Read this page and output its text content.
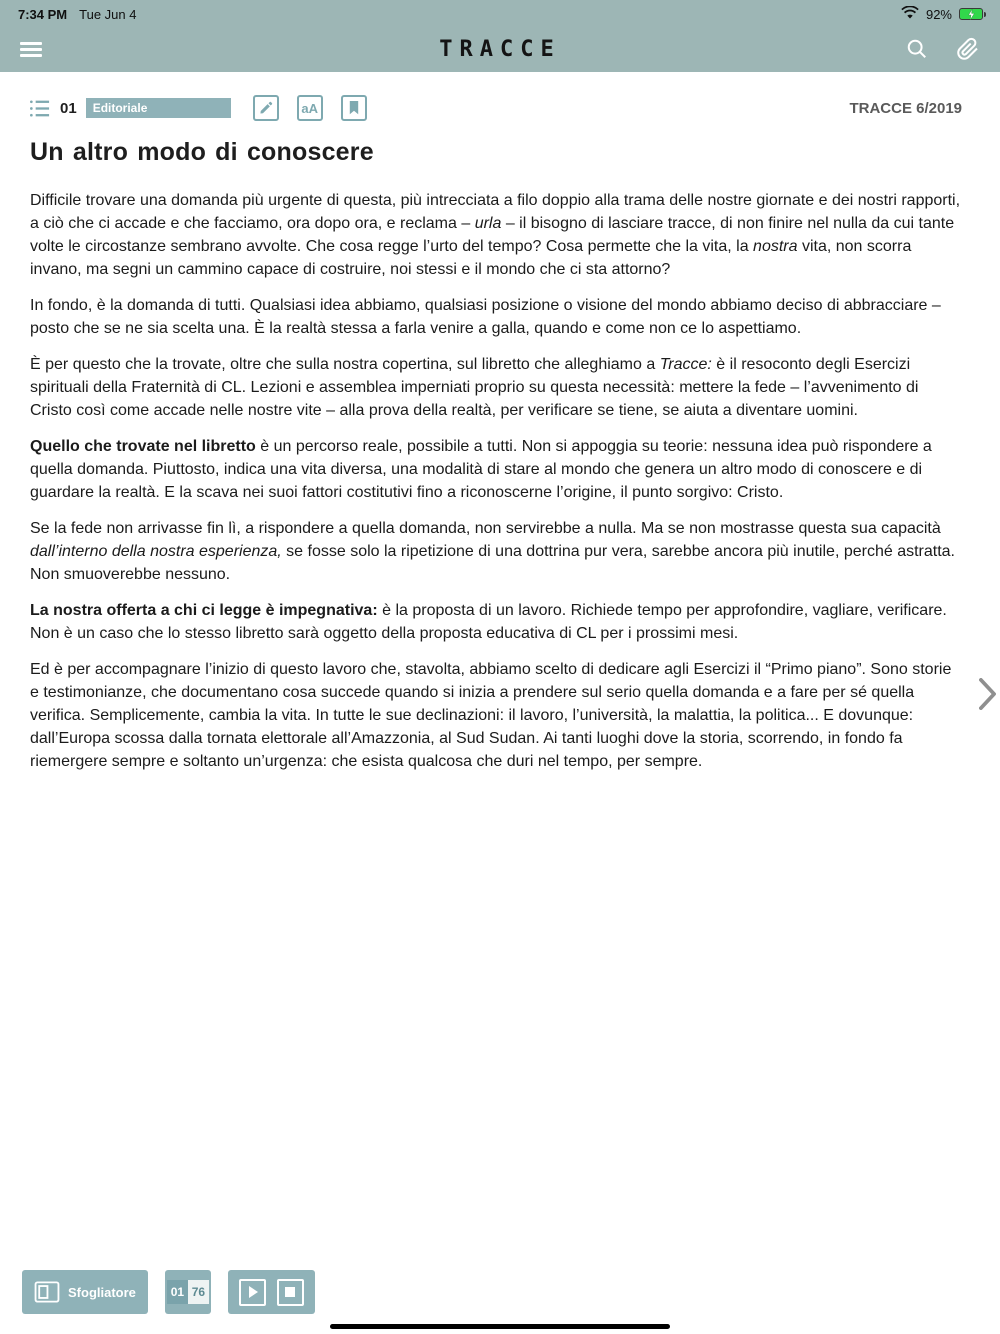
7:34 PM Tue Jun 4	92%
TRACCE
01	Editoriale	aA	TRACCE 6/2019
Un altro modo di conoscere

Difficile trovare una domanda più urgente di questa, più intrecciata a filo doppio alla trama delle nostre giornate e dei nostri rapporti, a ciò che ci accade e che facciamo, ora dopo ora, e reclama – urla – il bisogno di lasciare tracce, di non finire nel nulla da cui tante volte le circostanze sembrano avvolte. Che cosa regge l’urto del tempo? Cosa permette che la vita, la nostra vita, non scorra invano, ma segni un cammino capace di costruire, noi stessi e il mondo che ci sta attorno?

In fondo, è la domanda di tutti. Qualsiasi idea abbiamo, qualsiasi posizione o visione del mondo abbiamo deciso di abbracciare – posto che se ne sia scelta una. È la realtà stessa a farla venire a galla, quando e come non ce lo aspettiamo.

È per questo che la trovate, oltre che sulla nostra copertina, sul libretto che alleghiamo a Tracce: è il resoconto degli Esercizi spirituali della Fraternità di CL. Lezioni e assemblea imperniati proprio su questa necessità: mettere la fede – l’avvenimento di Cristo così come accade nelle nostre vite – alla prova della realtà, per verificare se tiene, se aiuta a diventare uomini.

Quello che trovate nel libretto è un percorso reale, possibile a tutti. Non si appoggia su teorie: nessuna idea può rispondere a quella domanda. Piuttosto, indica una vita diversa, una modalità di stare al mondo che genera un altro modo di conoscere e di guardare la realtà. E la scava nei suoi fattori costitutivi fino a riconoscerne l’origine, il punto sorgivo: Cristo.

Se la fede non arrivasse fin lì, a rispondere a quella domanda, non servirebbe a nulla. Ma se non mostrasse questa sua capacità dall’interno della nostra esperienza, se fosse solo la ripetizione di una dottrina pur vera, sarebbe ancora più inutile, perché astratta. Non smuoverebbe nessuno.

La nostra offerta a chi ci legge è impegnativa: è la proposta di un lavoro. Richiede tempo per approfondire, vagliare, verificare. Non è un caso che lo stesso libretto sarà oggetto della proposta educativa di CL per i prossimi mesi.

Ed è per accompagnare l’inizio di questo lavoro che, stavolta, abbiamo scelto di dedicare agli Esercizi il “Primo piano”. Sono storie e testimonianze, che documentano cosa succede quando si inizia a prendere sul serio quella domanda e a fare per sé quella verifica. Semplicemente, cambia la vita. In tutte le sue declinazioni: il lavoro, l’università, la malattia, la politica... E dovunque: dall’Europa scossa dalla tornata elettorale all’Amazzonia, al Sud Sudan. Ai tanti luoghi dove la storia, scorrendo, in fondo fa riemergere sempre e soltanto un’urgenza: che esista qualcosa che duri nel tempo, per sempre.

Sfogliatore	01 76
